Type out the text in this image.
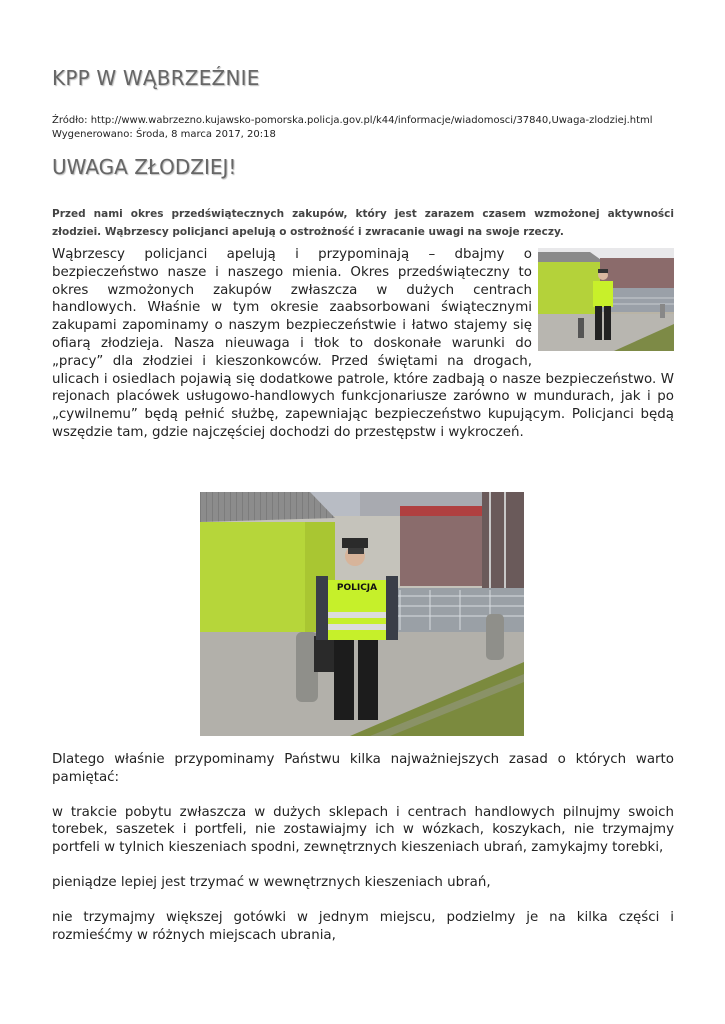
KPP W WĄBRZEŹNIE
Źródło: http://www.wabrzezno.kujawsko-pomorska.policja.gov.pl/k44/informacje/wiadomosci/37840,Uwaga-zlodziej.html
Wygenerowano: Środa, 8 marca 2017, 20:18
UWAGA ZŁODZIEJ!

Przed nami okres przedświątecznych zakupów, który jest zarazem czasem wzmożonej aktywności złodziei. Wąbrzescy policjanci apelują o ostrożność i zwracanie uwagi na swoje rzeczy.

Wąbrzescy policjanci apelują i przypominają – dbajmy o bezpieczeństwo nasze i naszego mienia. Okres przedświąteczny to okres wzmożonych zakupów zwłaszcza w dużych centrach handlowych. Właśnie w tym okresie zaabsorbowani świątecznymi zakupami zapominamy o naszym bezpieczeństwie i łatwo stajemy się ofiarą złodzieja. Nasza nieuwaga i tłok to doskonałe warunki do „pracy” dla złodziei i kieszonkowców. Przed świętami na drogach, ulicach i osiedlach pojawią się dodatkowe patrole, które zadbają o nasze bezpieczeństwo. W rejonach placówek usługowo-handlowych funkcjonariusze zarówno w mundurach, jak i po „cywilnemu” będą pełnić służbę, zapewniając bezpieczeństwo kupującym. Policjanci będą wszędzie tam, gdzie najczęściej dochodzi do przestępstw i wykroczeń.

POLICJA

Dlatego właśnie przypominamy Państwu kilka najważniejszych zasad o których warto pamiętać:

w trakcie pobytu zwłaszcza w dużych sklepach i centrach handlowych pilnujmy swoich torebek, saszetek i portfeli, nie zostawiajmy ich w wózkach, koszykach, nie trzymajmy portfeli w tylnich kieszeniach spodni, zewnętrznych kieszeniach ubrań, zamykajmy torebki,

pieniądze lepiej jest trzymać w wewnętrznych kieszeniach ubrań,

nie trzymajmy większej gotówki w jednym miejscu, podzielmy je na kilka części i rozmieśćmy w różnych miejscach ubrania,
